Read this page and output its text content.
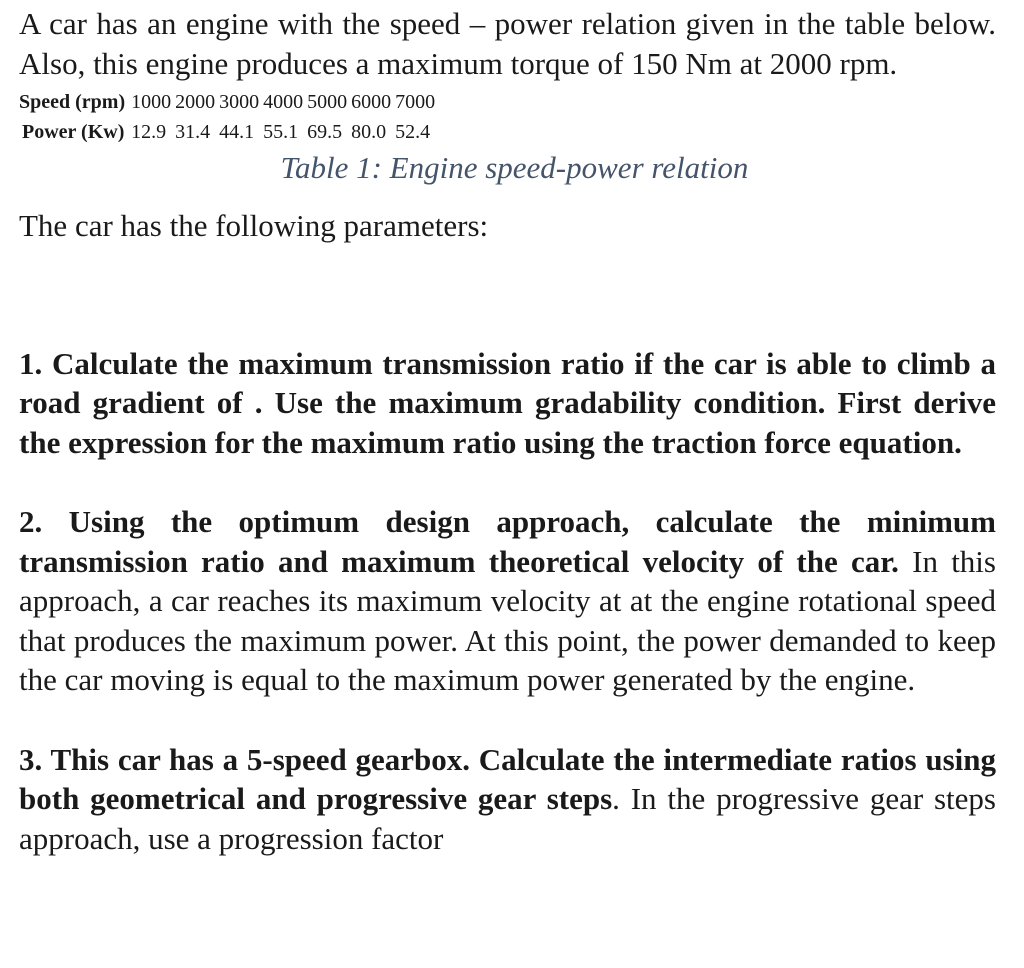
A car has an engine with the speed – power relation given in the table below. Also, this engine produces a maximum torque of 150 Nm at 2000 rpm.

Speed (rpm)	1000	2000	3000	4000	5000	6000	7000
Power (Kw)	12.9	31.4	44.1	55.1	69.5	80.0	52.4
Table 1: Engine speed-power relation

The car has the following parameters:

1. Calculate the maximum transmission ratio if the car is able to climb a road gradient of . Use the maximum gradability condition. First derive the expression for the maximum ratio using the traction force equation.

2. Using the optimum design approach, calculate the minimum transmission ratio and maximum theoretical velocity of the car. In this approach, a car reaches its maximum velocity at at the engine rotational speed that produces the maximum power. At this point, the power demanded to keep the car moving is equal to the maximum power generated by the engine.

3. This car has a 5-speed gearbox. Calculate the intermediate ratios using both geometrical and progressive gear steps. In the progressive gear steps approach, use a progression factor
